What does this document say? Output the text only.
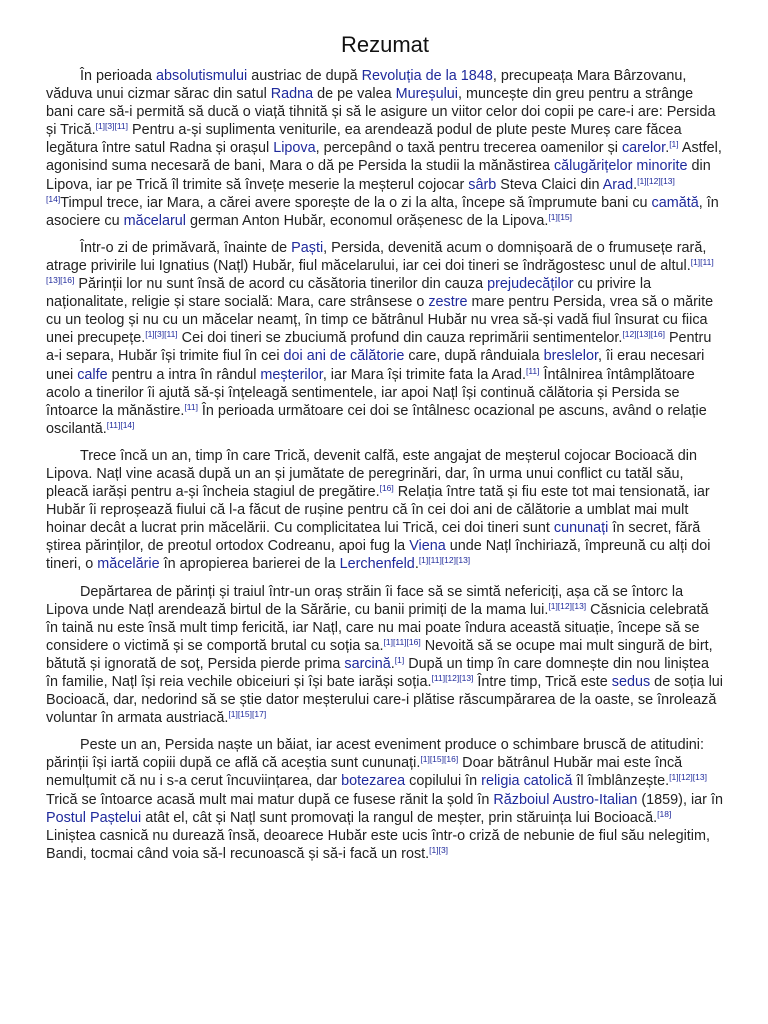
Rezumat

În perioada absolutismului austriac de după Revoluția de la 1848, precupeața Mara Bârzovanu, văduva unui cizmar sărac din satul Radna de pe valea Mureșului, muncește din greu pentru a strânge bani care să-i permită să ducă o viață tihnită și să le asigure un viitor celor doi copii pe care-i are: Persida și Trică.[1][3][11] Pentru a-și suplimenta veniturile, ea arendează podul de plute peste Mureș care făcea legătura între satul Radna și orașul Lipova, percepând o taxă pentru trecerea oamenilor și carelor.[1] Astfel, agonisind suma necesară de bani, Mara o dă pe Persida la studii la mănăstirea călugărițelor minorite din Lipova, iar pe Trică îl trimite să învețe meserie la meșterul cojocar sârb Steva Claici din Arad.[1][12][13][14]Timpul trece, iar Mara, a cărei avere sporește de la o zi la alta, începe să împrumute bani cu camătă, în asociere cu măcelarul german Anton Hubăr, economul orășenesc de la Lipova.[1][15]

Într-o zi de primăvară, înainte de Paști, Persida, devenită acum o domnișoară de o frumusețe rară, atrage privirile lui Ignatius (Națl) Hubăr, fiul măcelarului, iar cei doi tineri se îndrăgostesc unul de altul.[1][11][13][16] Părinții lor nu sunt însă de acord cu căsătoria tinerilor din cauza prejudecăților cu privire la naționalitate, religie și stare socială: Mara, care strânsese o zestre mare pentru Persida, vrea să o mărite cu un teolog și nu cu un măcelar neamț, în timp ce bătrânul Hubăr nu vrea să-și vadă fiul însurat cu fiica unei precupețe.[1][3][11] Cei doi tineri se zbuciumă profund din cauza reprimării sentimentelor.[12][13][16] Pentru a-i separa, Hubăr își trimite fiul în cei doi ani de călătorie care, după rânduiala breslelor, îi erau necesari unei calfe pentru a intra în rândul meșterilor, iar Mara își trimite fata la Arad.[11] Întâlnirea întâmplătoare acolo a tinerilor îi ajută să-și înțeleagă sentimentele, iar apoi Națl își continuă călătoria și Persida se întoarce la mănăstire.[11] În perioada următoare cei doi se întâlnesc ocazional pe ascuns, având o relație oscilantă.[11][14]

Trece încă un an, timp în care Trică, devenit calfă, este angajat de meșterul cojocar Bocioacă din Lipova. Națl vine acasă după un an și jumătate de peregrinări, dar, în urma unui conflict cu tatăl său, pleacă iarăși pentru a-și încheia stagiul de pregătire.[16] Relația între tată și fiu este tot mai tensionată, iar Hubăr îi reproșează fiului că l-a făcut de rușine pentru că în cei doi ani de călătorie a umblat mai mult hoinar decât a lucrat prin măcelării. Cu complicitatea lui Trică, cei doi tineri sunt cununați în secret, fără știrea părinților, de preotul ortodox Codreanu, apoi fug la Viena unde Națl închiriază, împreună cu alți doi tineri, o măcelărie în apropierea barierei de la Lerchenfeld.[1][11][12][13]

Depărtarea de părinți și traiul într-un oraș străin îi face să se simtă nefericiți, așa că se întorc la Lipova unde Națl arendează birtul de la Sărărie, cu banii primiți de la mama lui.[1][12][13] Căsnicia celebrată în taină nu este însă mult timp fericită, iar Națl, care nu mai poate îndura această situație, începe să se considere o victimă și se comportă brutal cu soția sa.[1][11][16] Nevoită să se ocupe mai mult singură de birt, bătută și ignorată de soț, Persida pierde prima sarcină.[1] După un timp în care domnește din nou liniștea în familie, Națl își reia vechile obiceiuri și își bate iarăși soția.[11][12][13] Între timp, Trică este sedus de soția lui Bocioacă, dar, nedorind să se știe dator meșterului care-i plătise răscumpărarea de la oaste, se înrolează voluntar în armata austriacă.[1][15][17]

Peste un an, Persida naște un băiat, iar acest eveniment produce o schimbare bruscă de atitudini: părinții își iartă copiii după ce află că aceștia sunt cununați.[1][15][16] Doar bătrânul Hubăr mai este încă nemulțumit că nu i s-a cerut încuviințarea, dar botezarea copilului în religia catolică îl îmblânzește.[1][12][13] Trică se întoarce acasă mult mai matur după ce fusese rănit la șold în Războiul Austro-Italian (1859), iar în Postul Paștelui atât el, cât și Națl sunt promovați la rangul de meșter, prin stăruința lui Bocioacă.[18] Liniștea casnică nu durează însă, deoarece Hubăr este ucis într-o criză de nebunie de fiul său nelegitim, Bandi, tocmai când voia să-l recunoască și să-i facă un rost.[1][3]
